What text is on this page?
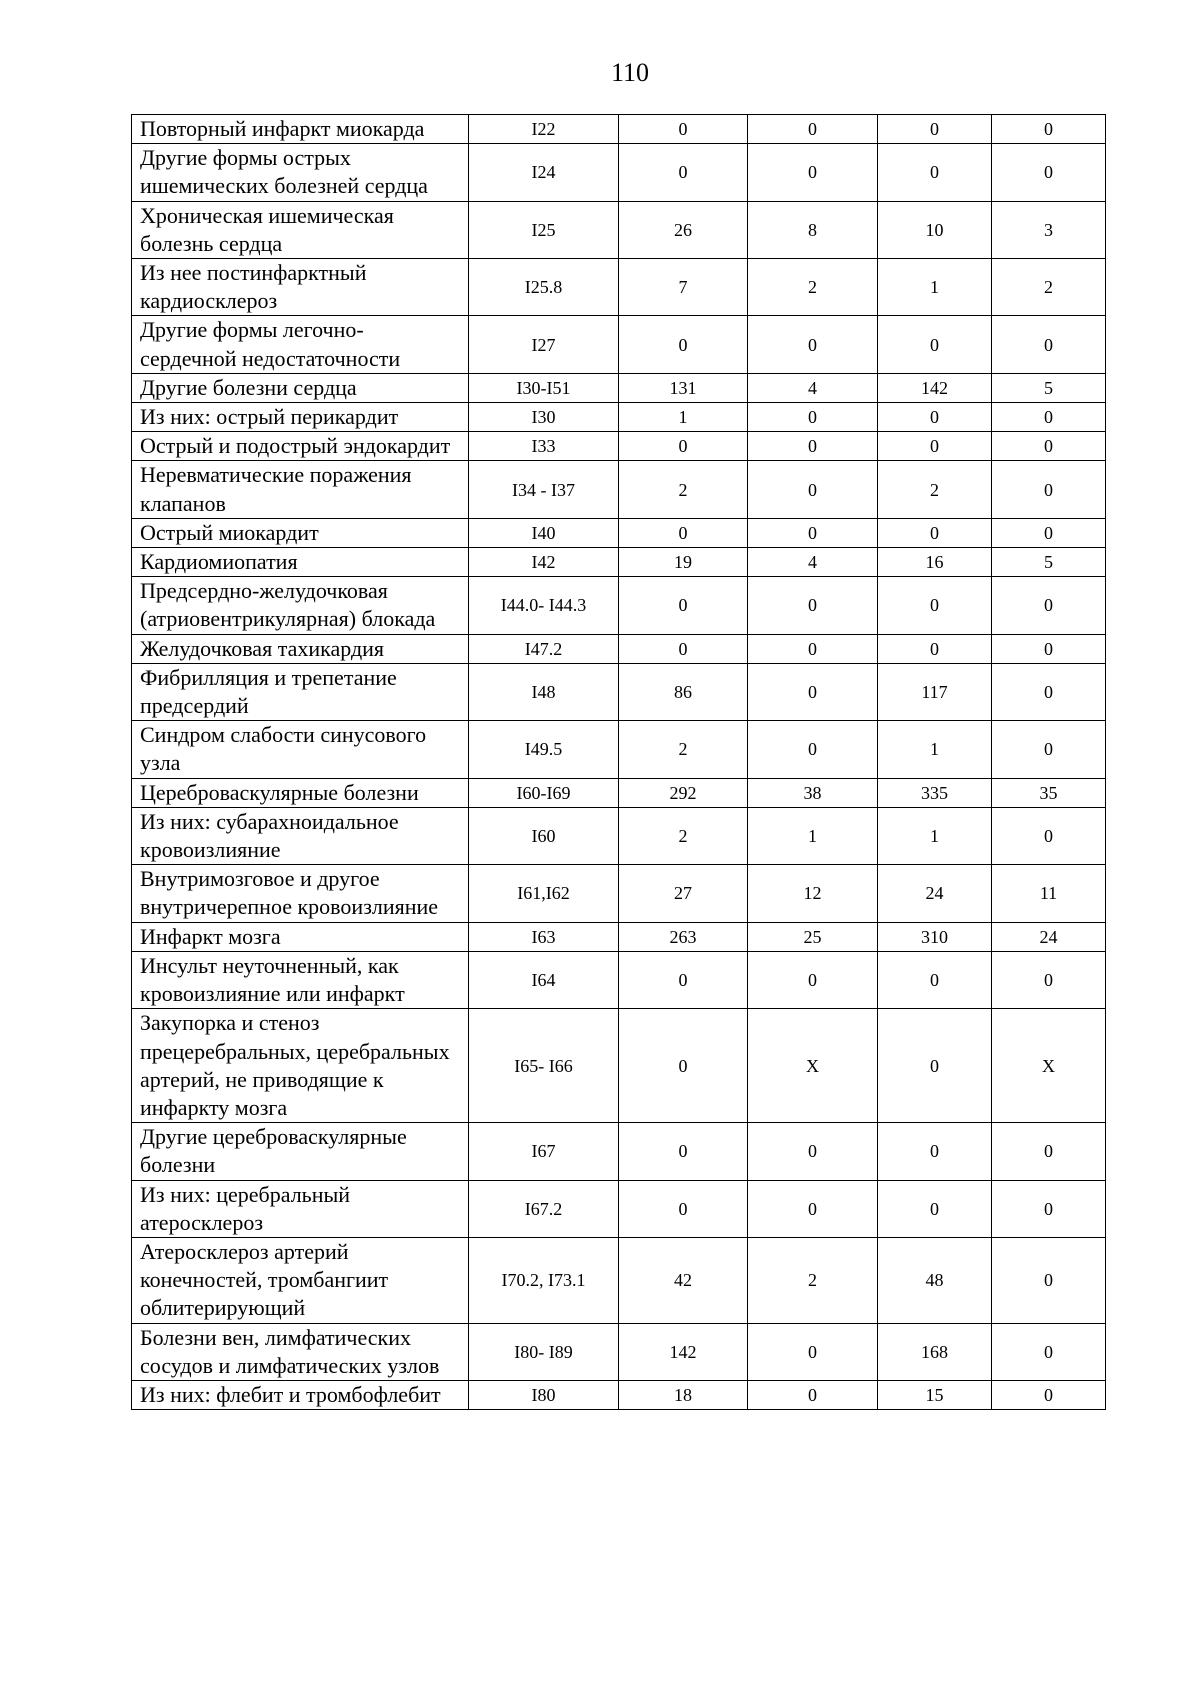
110
Повторный инфаркт миокарда	I22	0	0	0	0
Другие формы острых ишемических болезней сердца	I24	0	0	0	0
Хроническая ишемическая болезнь сердца	I25	26	8	10	3
Из нее постинфарктный кардиосклероз	I25.8	7	2	1	2
Другие формы легочно-сердечной недостаточности	I27	0	0	0	0
Другие болезни сердца	I30-I51	131	4	142	5
Из них: острый перикардит	I30	1	0	0	0
Острый и подострый эндокардит	I33	0	0	0	0
Неревматические поражения клапанов	I34 - I37	2	0	2	0
Острый миокардит	I40	0	0	0	0
Кардиомиопатия	I42	19	4	16	5
Предсердно-желудочковая (атриовентрикулярная) блокада	I44.0- I44.3	0	0	0	0
Желудочковая тахикардия	I47.2	0	0	0	0
Фибрилляция и трепетание предсердий	I48	86	0	117	0
Синдром слабости синусового узла	I49.5	2	0	1	0
Цереброваскулярные болезни	I60-I69	292	38	335	35
Из них: субарахноидальное кровоизлияние	I60	2	1	1	0
Внутримозговое и другое внутричерепное кровоизлияние	I61,I62	27	12	24	11
Инфаркт мозга	I63	263	25	310	24
Инсульт неуточненный, как кровоизлияние или инфаркт	I64	0	0	0	0
Закупорка и стеноз прецеребральных, церебральных артерий, не приводящие к инфаркту мозга	I65- I66	0	X	0	X
Другие цереброваскулярные болезни	I67	0	0	0	0
Из них: церебральный атеросклероз	I67.2	0	0	0	0
Атеросклероз артерий конечностей, тромбангиит облитерирующий	I70.2, I73.1	42	2	48	0
Болезни вен, лимфатических сосудов и лимфатических узлов	I80- I89	142	0	168	0
Из них: флебит и тромбофлебит	I80	18	0	15	0
